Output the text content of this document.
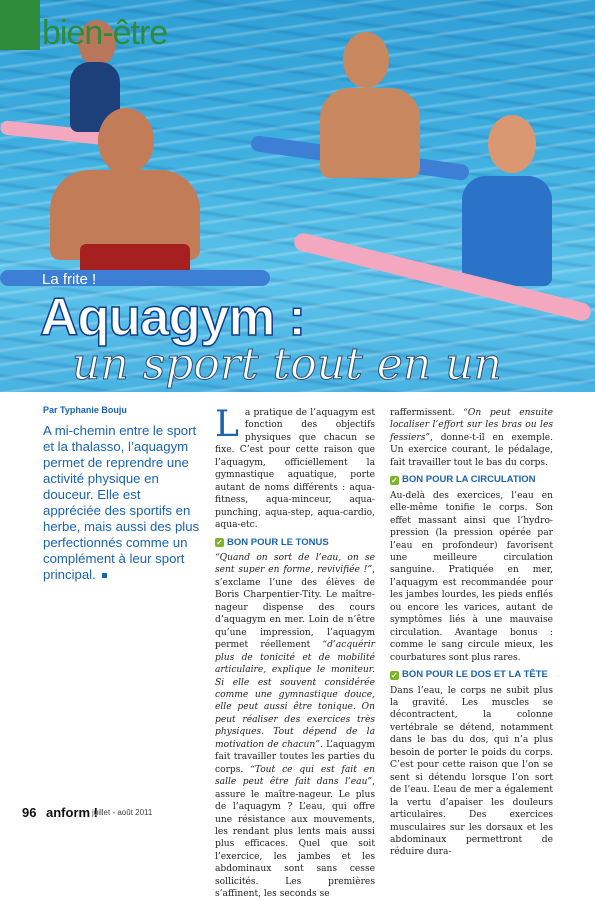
bien-être
La frite !
Aquagym :
un sport tout en un
Par Typhanie Bouju
A mi-chemin entre le sport et la thalasso, l’aquagym permet de reprendre une activité physique en douceur. Elle est appréciée des sportifs en herbe, mais aussi des plus perfectionnés comme un complément à leur sport principal.

La pratique de l’aquagym est fonction des objectifs physiques que chacun se fixe. C’est pour cette raison que l’aquagym, officiellement la gymnastique aquatique, porte autant de noms différents : aqua-fitness, aqua-minceur, aqua-punching, aqua-step, aqua-cardio, aqua-etc.

✓ BON POUR LE TONUS

“Quand on sort de l’eau, on se sent super en forme, revivifiée !”, s’exclame l’une des élèves de Boris Charpentier-Tity. Le maître-nageur dispense des cours d’aquagym en mer. Loin de n’être qu’une impression, l’aquagym permet réellement “d’acquérir plus de tonicité et de mobilité articulaire, explique le moniteur. Si elle est souvent considérée comme une gymnastique douce, elle peut aussi être tonique. On peut réaliser des exercices très physiques. Tout dépend de la motivation de chacun”. L’aquagym fait travailler toutes les parties du corps. “Tout ce qui est fait en salle peut être fait dans l’eau”, assure le maître-nageur. Le plus de l’aquagym ? L’eau, qui offre une résistance aux mouvements, les rendant plus lents mais aussi plus efficaces. Quel que soit l’exercice, les jambes et les abdominaux sont sans cesse sollicités. Les premières s’affinent, les seconds se

raffermissent. “On peut ensuite localiser l’effort sur les bras ou les fessiers”, donne-t-il en exemple. Un exercice courant, le pédalage, fait travailler tout le bas du corps.

✓ BON POUR LA CIRCULATION

Au-delà des exercices, l’eau en elle-même tonifie le corps. Son effet massant ainsi que l’hydro-pression (la pression opérée par l’eau en profondeur) favorisent une meilleure circulation sanguine. Pratiquée en mer, l’aquagym est recommandée pour les jambes lourdes, les pieds enflés ou encore les varices, autant de symptômes liés à une mauvaise circulation. Avantage bonus : comme le sang circule mieux, les courbatures sont plus rares.

✓ BON POUR LE DOS ET LA TÊTE

Dans l’eau, le corps ne subit plus la gravité. Les muscles se décontractent, la colonne vertébrale se détend, notamment dans le bas du dos, qui n’a plus besoin de porter le poids du corps. C’est pour cette raison que l’on se sent si détendu lorsque l’on sort de l’eau. L’eau de mer a également la vertu d’apaiser les douleurs articulaires. Des exercices musculaires sur les dorsaux et les abdominaux permettront de réduire dura-

96 anform !
juillet - août 2011
